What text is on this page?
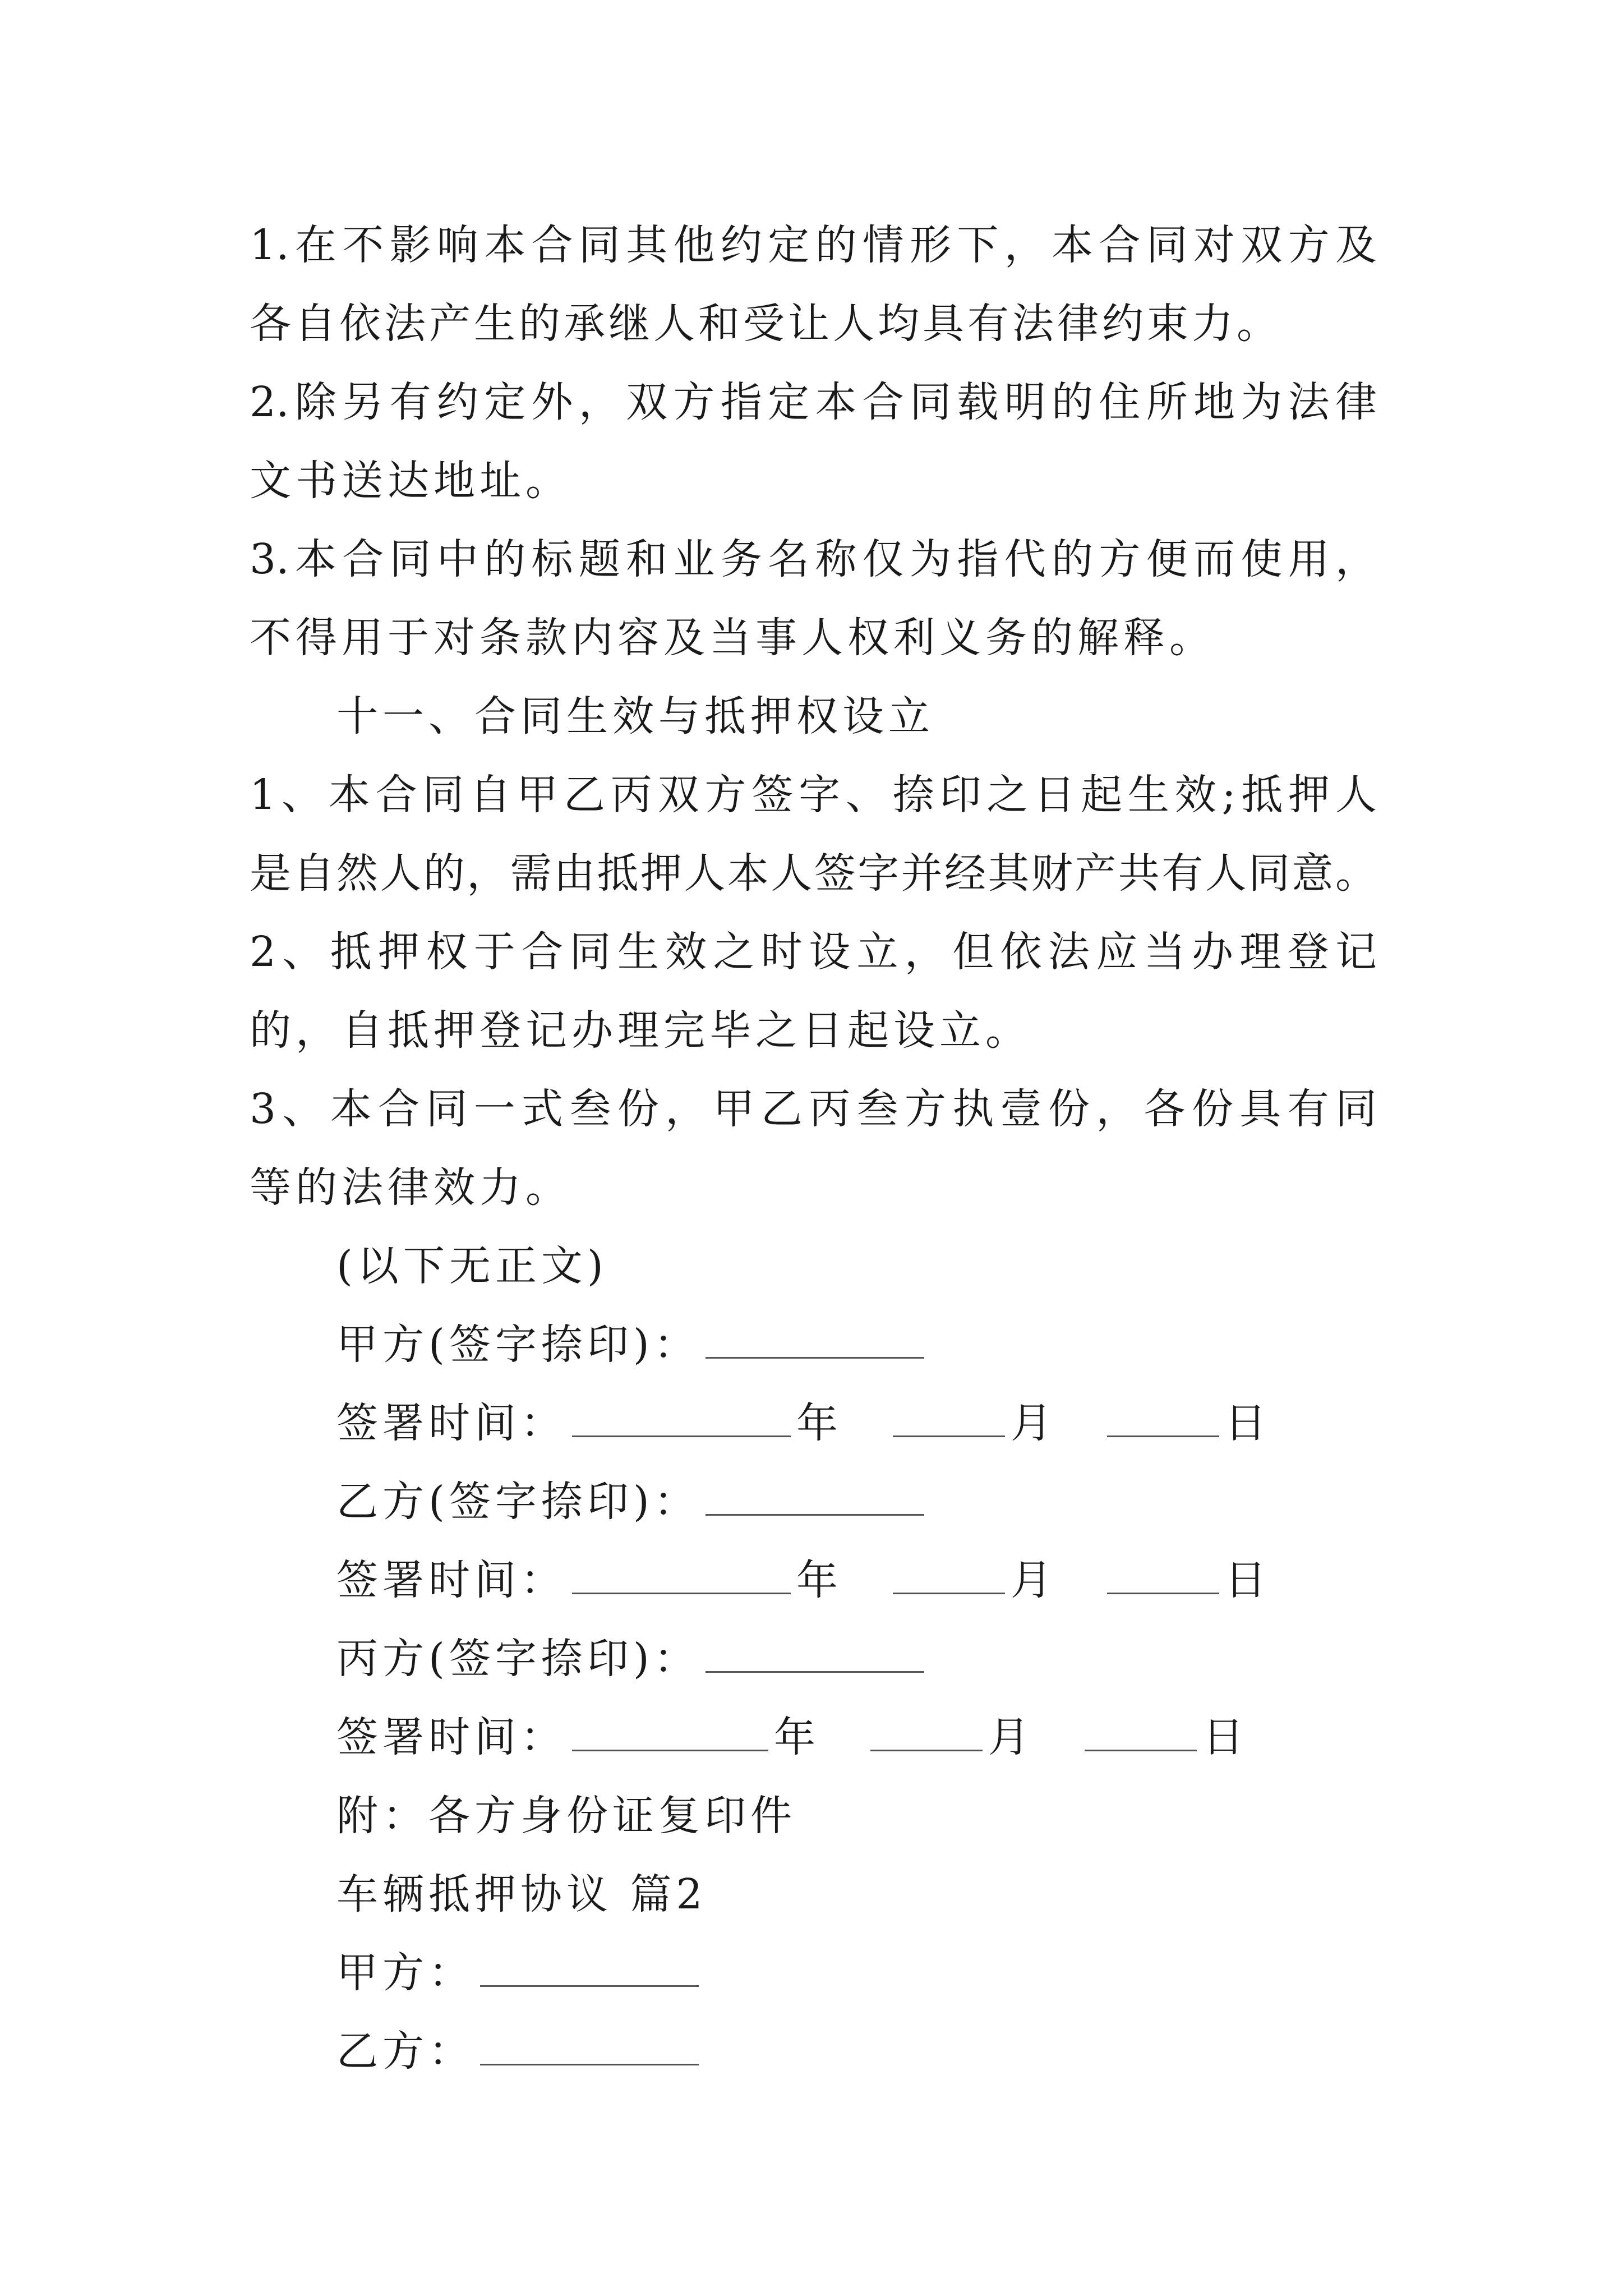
1.在不影响本合同其他约定的情形下，本合同对双方及
各自依法产生的承继人和受让人均具有法律约束力。
2.除另有约定外，双方指定本合同载明的住所地为法律
文书送达地址。
3.本合同中的标题和业务名称仅为指代的方便而使用，
不得用于对条款内容及当事人权利义务的解释。
十一、合同生效与抵押权设立
1、本合同自甲乙丙双方签字、捺印之日起生效;抵押人
是自然人的，需由抵押人本人签字并经其财产共有人同意。
2、抵押权于合同生效之时设立，但依法应当办理登记
的，自抵押登记办理完毕之日起设立。
3、本合同一式叁份，甲乙丙叁方执壹份，各份具有同
等的法律效力。
(以下无正文)
甲方(签字捺印)：
签署时间：	年	月	日
乙方(签字捺印)：
签署时间：	年	月	日
丙方(签字捺印)：
签署时间：	年	月	日
附：各方身份证复印件
车辆抵押协议 篇2
甲方：
乙方：
